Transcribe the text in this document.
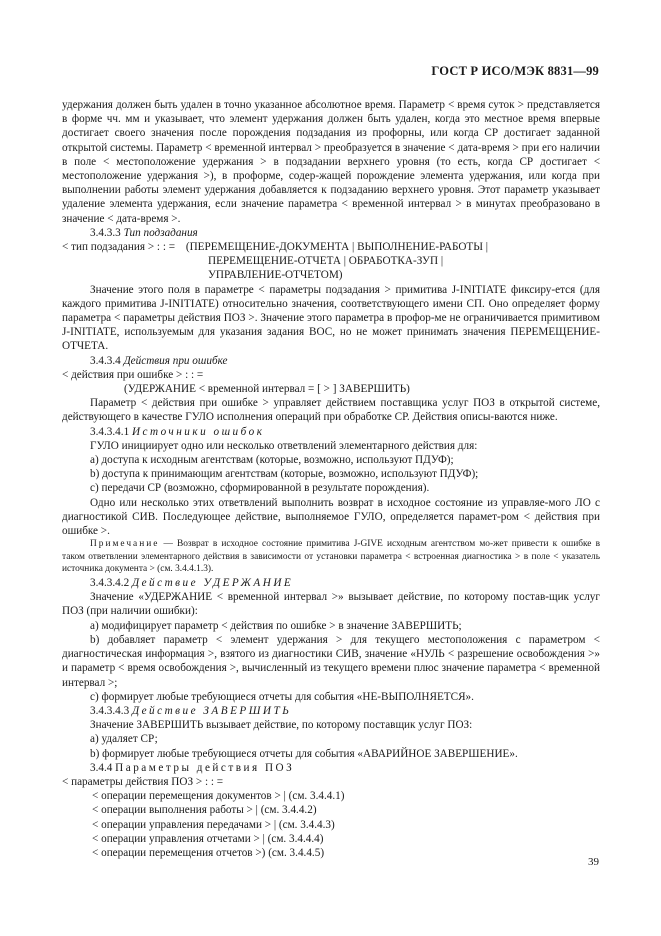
ГОСТ Р ИСО/МЭК 8831—99

удержания должен быть удален в точно указанное абсолютное время. Параметр < время суток > представляется в форме чч. мм и указывает, что элемент удержания должен быть удален, когда это местное время впервые достигает своего значения после порождения подзадания из профорны, или когда СР достигает заданной открытой системы. Параметр < временной интервал > преобразуется в значение < дата-время > при его наличии в поле < местоположение удержания > в подзадании верхнего уровня (то есть, когда СР достигает < местоположение удержания >), в проформе, содер-жащей порождение элемента удержания, или когда при выполнении работы элемент удержания добавляется к подзаданию верхнего уровня. Этот параметр указывает удаление элемента удержания, если значение параметра < временной интервал > в минутах преобразовано в значение < дата-время >.

3.4.3.3 Тип подзадания
< тип подзадания > : : = (ПЕРЕМЕЩЕНИЕ-ДОКУМЕНТА | ВЫПОЛНЕНИЕ-РАБОТЫ |
ПЕРЕМЕЩЕНИЕ-ОТЧЕТА | ОБРАБОТКА-ЗУП |
УПРАВЛЕНИЕ-ОТЧЕТОМ)

Значение этого поля в параметре < параметры подзадания > примитива J-INITIATE фиксиру-ется (для каждого примитива J-INITIATE) относительно значения, соответствующего имени СП. Оно определяет форму параметра < параметры действия ПОЗ >. Значение этого параметра в профор-ме не ограничивается примитивом J-INITIATE, используемым для указания задания ВОС, но не может принимать значения ПЕРЕМЕЩЕНИЕ-ОТЧЕТА.

3.4.3.4 Действия при ошибке
< действия при ошибке > : : =
(УДЕРЖАНИЕ < временной интервал = [ > ] ЗАВЕРШИТЬ)

Параметр < действия при ошибке > управляет действием поставщика услуг ПОЗ в открытой системе, действующего в качестве ГУЛО исполнения операций при обработке СР. Действия описы-ваются ниже.

3.4.3.4.1 Источники ошибок

ГУЛО инициирует одно или несколько ответвлений элементарного действия для:

a) доступа к исходным агентствам (которые, возможно, используют ПДУФ);
b) доступа к принимающим агентствам (которые, возможно, используют ПДУФ);
c) передачи СР (возможно, сформированной в результате порождения).

Одно или несколько этих ответвлений выполнить возврат в исходное состояние из управляе-мого ЛО с диагностикой СИВ. Последующее действие, выполняемое ГУЛО, определяется парамет-ром < действия при ошибке >.

Примечание — Возврат в исходное состояние примитива J-GIVE исходным агентством мо-жет привести к ошибке в таком ответвлении элементарного действия в зависимости от установки параметра < встроенная диагностика > в поле < указатель источника документа > (см. 3.4.4.1.3).

3.4.3.4.2 Действие УДЕРЖАНИЕ

Значение «УДЕРЖАНИЕ < временной интервал >» вызывает действие, по которому постав-щик услуг ПОЗ (при наличии ошибки):

a) модифицирует параметр < действия по ошибке > в значение ЗАВЕРШИТЬ;

b) добавляет параметр < элемент удержания > для текущего местоположения с параметром < диагностическая информация >, взятого из диагностики СИВ, значение «НУЛЬ < разрешение освобождения >» и параметр < время освобождения >, вычисленный из текущего времени плюс значение параметра < временной интервал >;

c) формирует любые требующиеся отчеты для события «НЕ-ВЫПОЛНЯЕТСЯ».

3.4.3.4.3 Действие ЗАВЕРШИТЬ

Значение ЗАВЕРШИТЬ вызывает действие, по которому поставщик услуг ПОЗ:

a) удаляет СР;
b) формирует любые требующиеся отчеты для события «АВАРИЙНОЕ ЗАВЕРШЕНИЕ».
3.4.4 Параметры действия ПОЗ
< параметры действия ПОЗ > : : =
< операции перемещения документов > | (см. 3.4.4.1)
< операции выполнения работы > | (см. 3.4.4.2)
< операции управления передачами > | (см. 3.4.4.3)
< операции управления отчетами > | (см. 3.4.4.4)
< операции перемещения отчетов >) (см. 3.4.4.5)
39
